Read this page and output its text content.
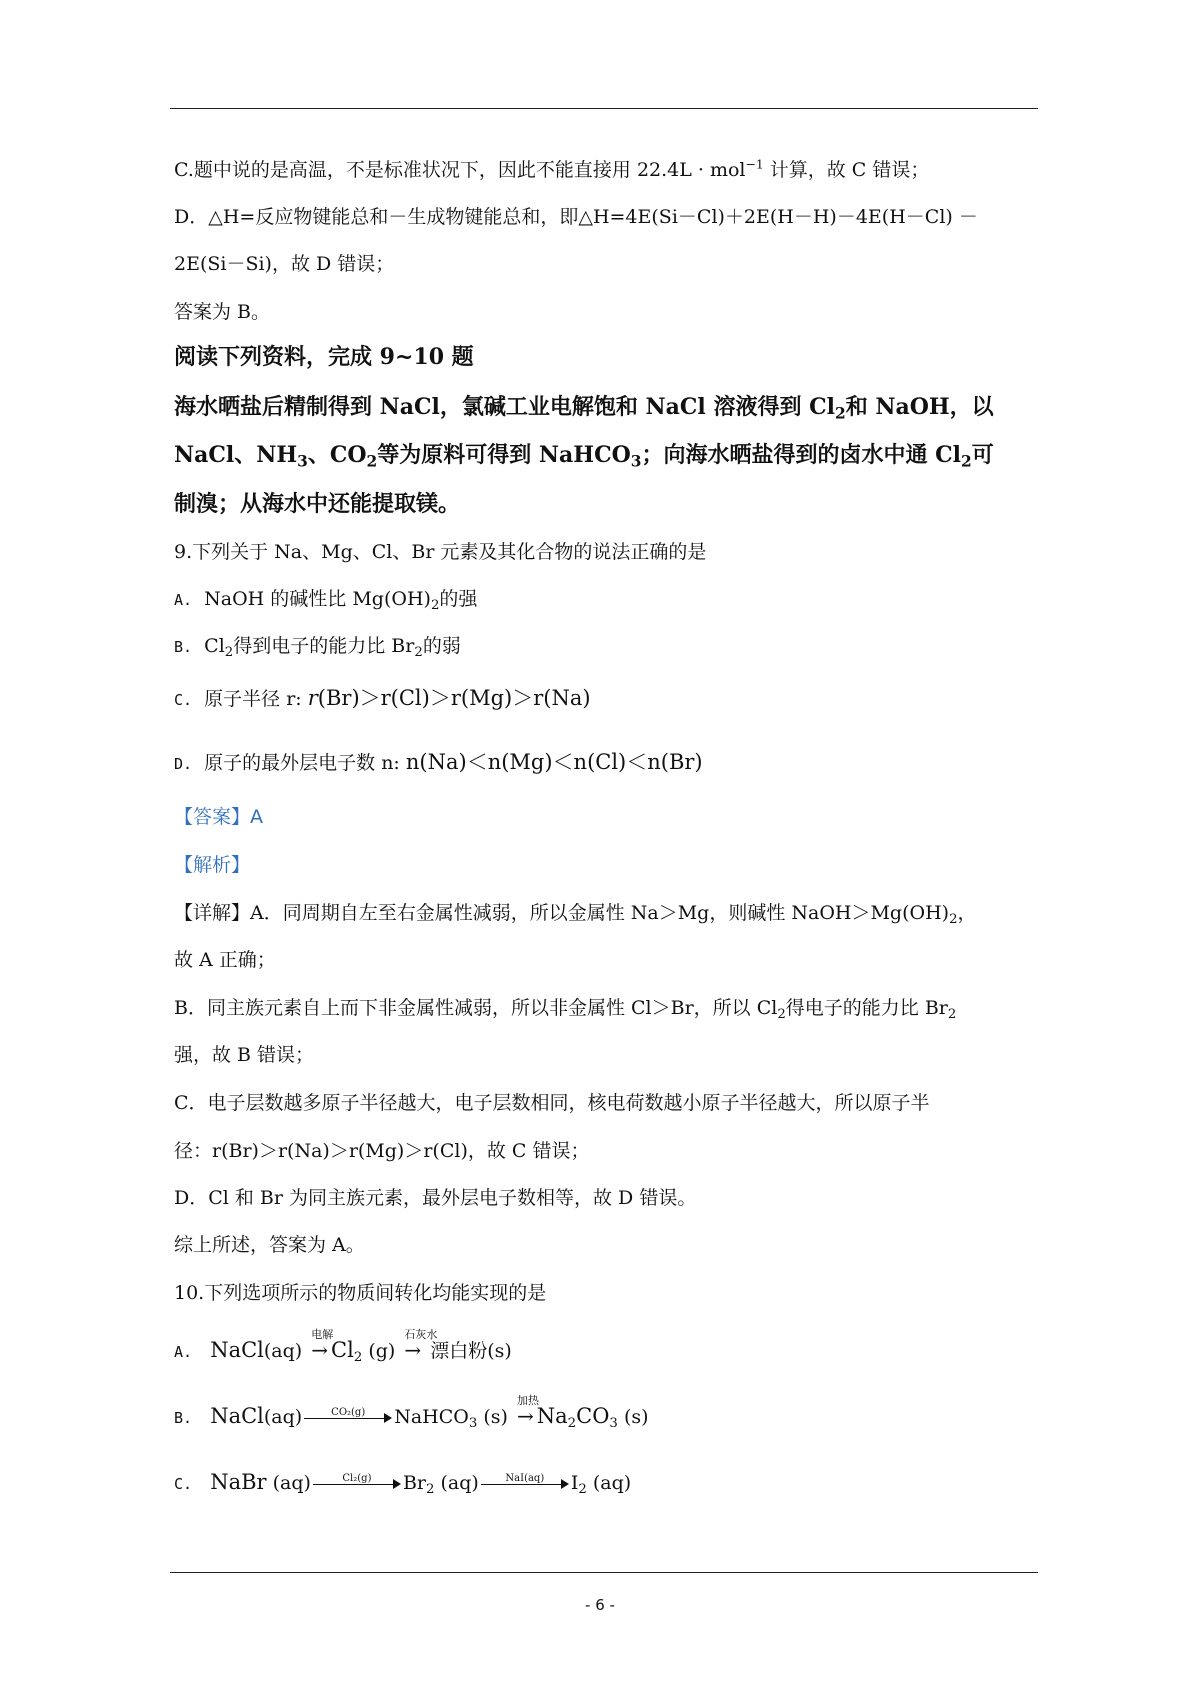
C.题中说的是高温，不是标准状况下，因此不能直接用 22.4L · mol$^{-1}$ 计算，故 C 错误；
D．△H=反应物键能总和－生成物键能总和，即△H=4E(Si－Cl)＋2E(H－H)－4E(H－Cl) －
2E(Si－Si)，故 D 错误；
答案为 B。
阅读下列资料，完成 9~10 题
海水晒盐后精制得到 NaCl，氯碱工业电解饱和 NaCl 溶液得到 $Cl_2$和 NaOH，以
NaCl、$NH_3$、$CO_2$等为原料可得到 NaHCO$_3$；向海水晒盐得到的卤水中通 $Cl_2$可
制溴；从海水中还能提取镁。
9.下列关于 Na、Mg、Cl、Br 元素及其化合物的说法正确的是
A. NaOH 的碱性比 $Mg(OH)_2$的强
B. $Cl_2$得到电子的能力比 $Br_2$的弱
C. 原子半径 r: r(Br)＞r(Cl)＞r(Mg)＞r(Na)
D. 原子的最外层电子数 n: n(Na)＜n(Mg)＜n(Cl)＜n(Br)
【答案】A
【解析】
【详解】A．同周期自左至右金属性减弱，所以金属性 Na＞Mg，则碱性 $NaOH>Mg(OH)_2$，
故 A 正确；
B．同主族元素自上而下非金属性减弱，所以非金属性 Cl＞Br，所以 $Cl_2$得电子的能力比 $Br_2$
强，故 B 错误；
C．电子层数越多原子半径越大，电子层数相同，核电荷数越小原子半径越大，所以原子半
径：r(Br)＞r(Na)＞r(Mg)＞r(Cl)，故 C 错误；
D．Cl 和 Br 为同主族元素，最外层电子数相等，故 D 错误。
综上所述，答案为 A。
10.下列选项所示的物质间转化均能实现的是
A. NaCl(aq)
电解
→ $Cl_2$ (g)
石灰水
→ 漂白粉(s)
B. NaCl(aq)	CO₂(g)	NaHCO$_3$ (s)
加热
→ $Na_2CO_3$ (s)
C. NaBr (aq)	Cl₂(g)	$Br_2$ (aq)	NaI(aq)	$I_2$ (aq)
- 6 -
